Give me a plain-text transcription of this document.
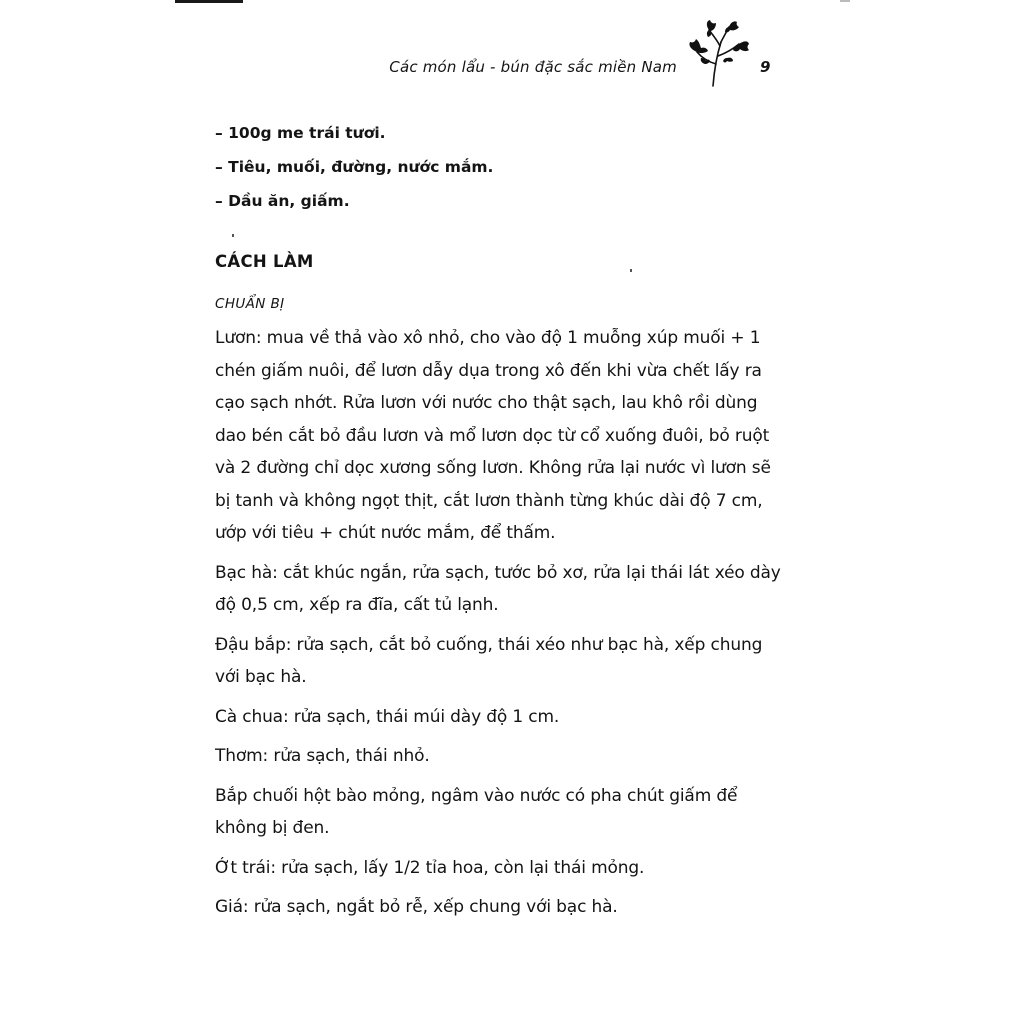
Các món lẩu - bún đặc sắc miền Nam	9
– 100g me trái tươi.
– Tiêu, muối, đường, nước mắm.
– Dầu ăn, giấm.
CÁCH LÀM
CHUẨN BỊ

Lươn: mua về thả vào xô nhỏ, cho vào độ 1 muỗng xúp muối + 1 chén giấm nuôi, để lươn dẫy dụa trong xô đến khi vừa chết lấy ra cạo sạch nhớt. Rửa lươn với nước cho thật sạch, lau khô rồi dùng dao bén cắt bỏ đầu lươn và mổ lươn dọc từ cổ xuống đuôi, bỏ ruột và 2 đường chỉ dọc xương sống lươn. Không rửa lại nước vì lươn sẽ bị tanh và không ngọt thịt, cắt lươn thành từng khúc dài độ 7 cm, ướp với tiêu + chút nước mắm, để thấm.

Bạc hà: cắt khúc ngắn, rửa sạch, tước bỏ xơ, rửa lại thái lát xéo dày độ 0,5 cm, xếp ra đĩa, cất tủ lạnh.

Đậu bắp: rửa sạch, cắt bỏ cuống, thái xéo như bạc hà, xếp chung với bạc hà.

Cà chua: rửa sạch, thái múi dày độ 1 cm.

Thơm: rửa sạch, thái nhỏ.

Bắp chuối hột bào mỏng, ngâm vào nước có pha chút giấm để không bị đen.

Ớt trái: rửa sạch, lấy 1/2 tỉa hoa, còn lại thái mỏng.

Giá: rửa sạch, ngắt bỏ rễ, xếp chung với bạc hà.
